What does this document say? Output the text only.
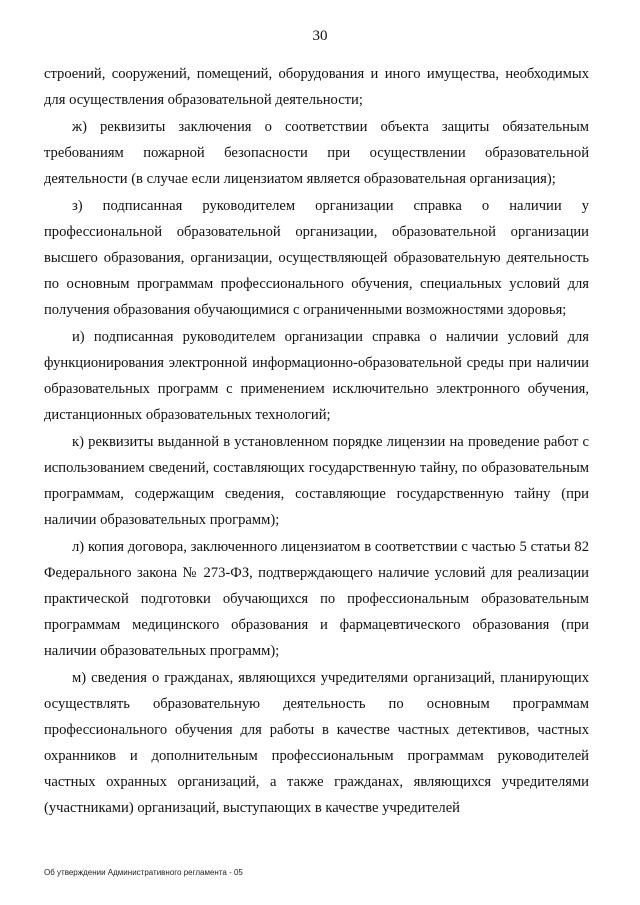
30

строений, сооружений, помещений, оборудования и иного имущества, необходимых для осуществления образовательной деятельности;

ж) реквизиты заключения о соответствии объекта защиты обязательным требованиям пожарной безопасности при осуществлении образовательной деятельности (в случае если лицензиатом является образовательная организация);

з) подписанная руководителем организации справка о наличии у профессиональной образовательной организации, образовательной организации высшего образования, организации, осуществляющей образовательную деятельность по основным программам профессионального обучения, специальных условий для получения образования обучающимися с ограниченными возможностями здоровья;

и) подписанная руководителем организации справка о наличии условий для функционирования электронной информационно-образовательной среды при наличии образовательных программ с применением исключительно электронного обучения, дистанционных образовательных технологий;

к) реквизиты выданной в установленном порядке лицензии на проведение работ с использованием сведений, составляющих государственную тайну, по образовательным программам, содержащим сведения, составляющие государственную тайну (при наличии образовательных программ);

л) копия договора, заключенного лицензиатом в соответствии с частью 5 статьи 82 Федерального закона № 273-ФЗ, подтверждающего наличие условий для реализации практической подготовки обучающихся по профессиональным образовательным программам медицинского образования и фармацевтического образования (при наличии образовательных программ);

м) сведения о гражданах, являющихся учредителями организаций, планирующих осуществлять образовательную деятельность по основным программам профессионального обучения для работы в качестве частных детективов, частных охранников и дополнительным профессиональным программам руководителей частных охранных организаций, а также гражданах, являющихся учредителями (участниками) организаций, выступающих в качестве учредителей

Об утверждении Административного регламента - 05
